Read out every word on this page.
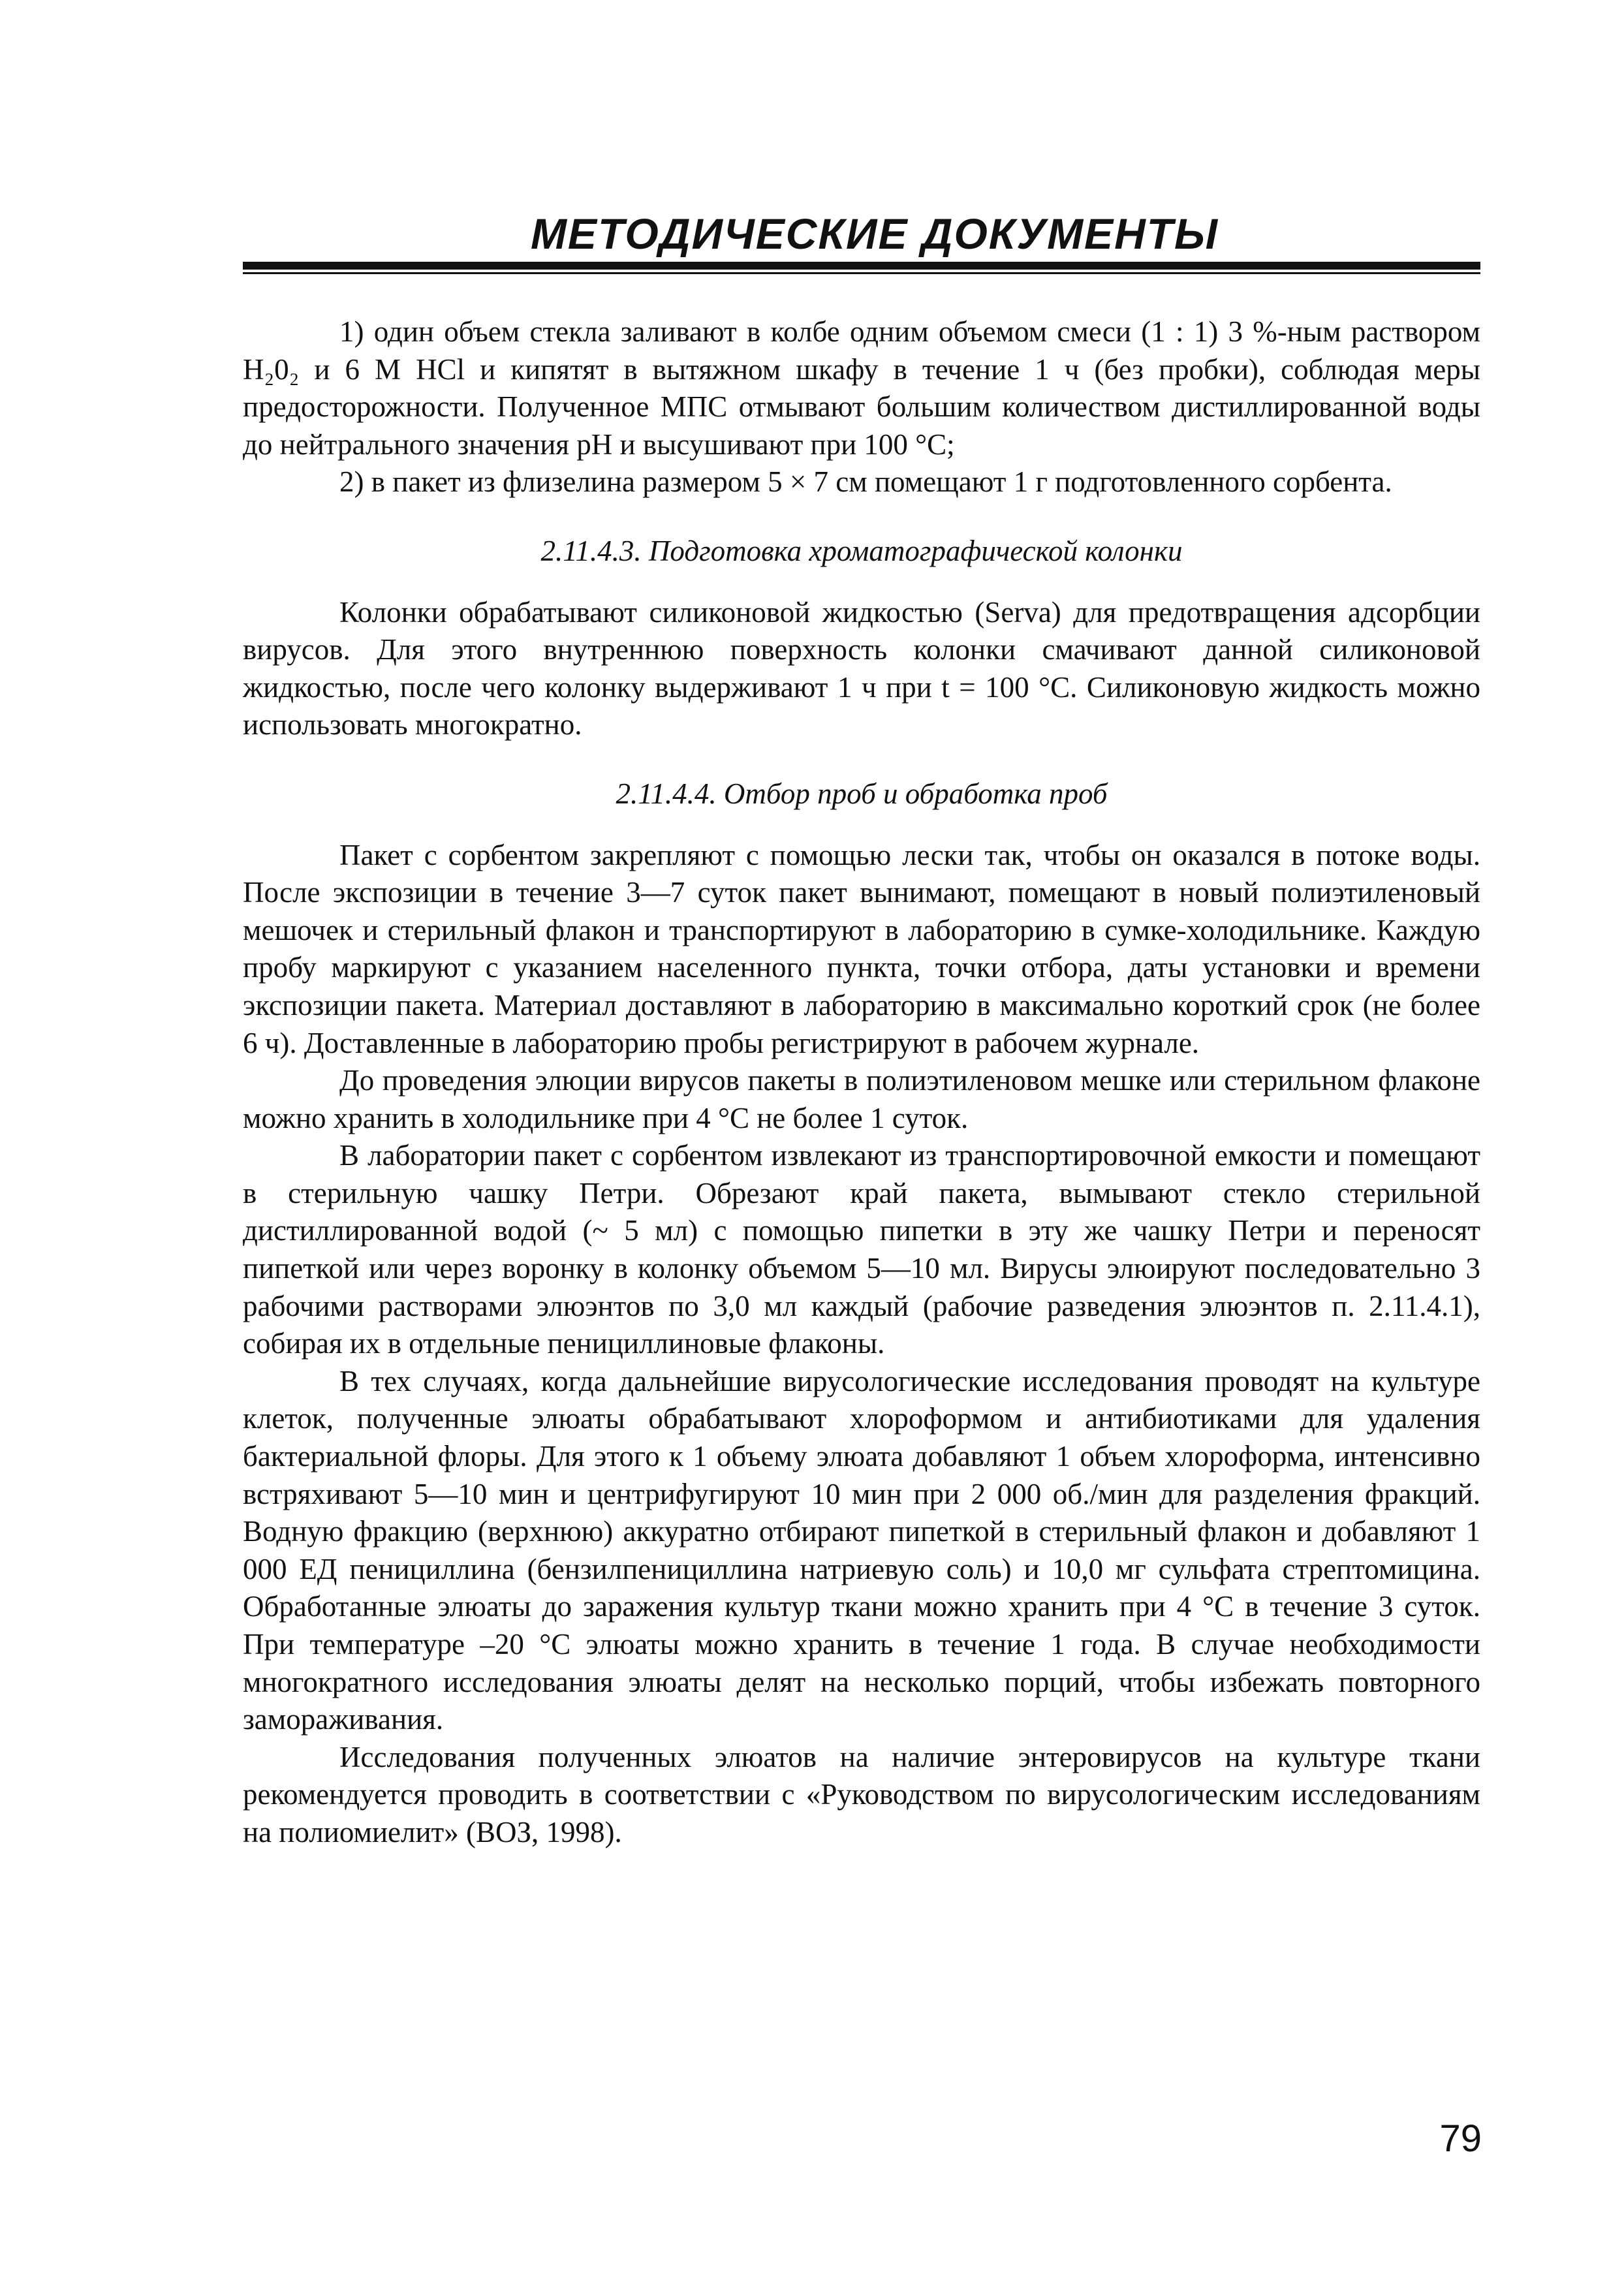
МЕТОДИЧЕСКИЕ ДОКУМЕНТЫ

1) один объем стекла заливают в колбе одним объемом смеси (1 : 1) 3 %-ным раствором H₂0₂ и 6 М HCl и кипятят в вытяжном шкафу в течение 1 ч (без пробки), соблюдая меры предосторожности. Полученное МПС отмывают большим количеством дистиллированной воды до нейтрального значения pH и высушивают при 100 °С;

2) в пакет из флизелина размером 5 × 7 см помещают 1 г подготовленного сорбента.

2.11.4.3. Подготовка хроматографической колонки

Колонки обрабатывают силиконовой жидкостью (Serva) для предотвращения адсорбции вирусов. Для этого внутреннюю поверхность колонки смачивают данной силиконовой жидкостью, после чего колонку выдерживают 1 ч при t = 100 °С. Силиконовую жидкость можно использовать многократно.

2.11.4.4. Отбор проб и обработка проб

Пакет с сорбентом закрепляют с помощью лески так, чтобы он оказался в потоке воды. После экспозиции в течение 3—7 суток пакет вынимают, помещают в новый полиэтиленовый мешочек и стерильный флакон и транспортируют в лабораторию в сумке-холодильнике. Каждую пробу маркируют с указанием населенного пункта, точки отбора, даты установки и времени экспозиции пакета. Материал доставляют в лабораторию в максимально короткий срок (не более 6 ч). Доставленные в лабораторию пробы регистрируют в рабочем журнале.

До проведения элюции вирусов пакеты в полиэтиленовом мешке или стерильном флаконе можно хранить в холодильнике при 4 °С не более 1 суток.

В лаборатории пакет с сорбентом извлекают из транспортировочной емкости и помещают в стерильную чашку Петри. Обрезают край пакета, вымывают стекло стерильной дистиллированной водой (~ 5 мл) с помощью пипетки в эту же чашку Петри и переносят пипеткой или через воронку в колонку объемом 5—10 мл. Вирусы элюируют последовательно 3 рабочими растворами элюэнтов по 3,0 мл каждый (рабочие разведения элюэнтов п. 2.11.4.1), собирая их в отдельные пенициллиновые флаконы.

В тех случаях, когда дальнейшие вирусологические исследования проводят на культуре клеток, полученные элюаты обрабатывают хлороформом и антибиотиками для удаления бактериальной флоры. Для этого к 1 объему элюата добавляют 1 объем хлороформа, интенсивно встряхивают 5—10 мин и центрифугируют 10 мин при 2 000 об./мин для разделения фракций. Водную фракцию (верхнюю) аккуратно отбирают пипеткой в стерильный флакон и добавляют 1 000 ЕД пенициллина (бензилпенициллина натриевую соль) и 10,0 мг сульфата стрептомицина. Обработанные элюаты до заражения культур ткани можно хранить при 4 °С в течение 3 суток. При температуре –20 °С элюаты можно хранить в течение 1 года. В случае необходимости многократного исследования элюаты делят на несколько порций, чтобы избежать повторного замораживания.

Исследования полученных элюатов на наличие энтеровирусов на культуре ткани рекомендуется проводить в соответствии с «Руководством по вирусологическим исследованиям на полиомиелит» (ВОЗ, 1998).

79
